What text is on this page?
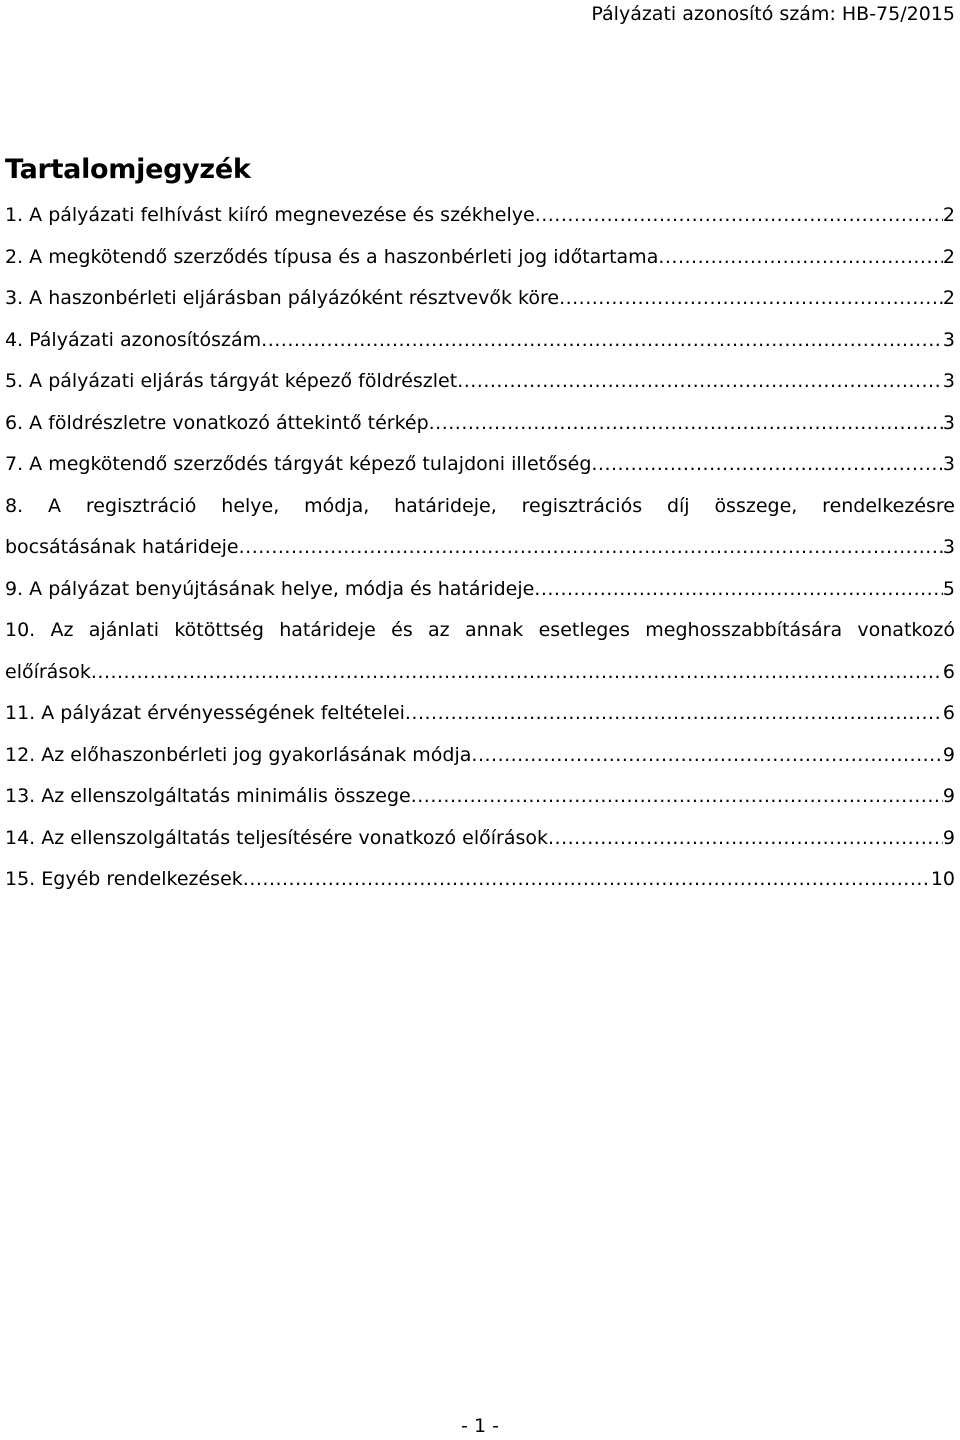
Pályázati azonosító szám: HB-75/2015
Tartalomjegyzék
1. A pályázati felhívást kiíró megnevezése és székhelye .....	2
2. A megkötendő szerződés típusa és a haszonbérleti jog időtartama .....	2
3. A haszonbérleti eljárásban pályázóként résztvevők köre .....	2
4. Pályázati azonosítószám .....	3
5. A pályázati eljárás tárgyát képező földrészlet .....	3
6. A földrészletre vonatkozó áttekintő térkép .....	3
7. A megkötendő szerződés tárgyát képező tulajdoni illetőség .....	3
8. A regisztráció helye, módja, határideje, regisztrációs díj összege, rendelkezésre
bocsátásának határideje .....	3
9. A pályázat benyújtásának helye, módja és határideje .....	5
10. Az ajánlati kötöttség határideje és az annak esetleges meghosszabbítására vonatkozó
előírások .....	6
11. A pályázat érvényességének feltételei .....	6
12. Az előhaszonbérleti jog gyakorlásának módja .....	9
13. Az ellenszolgáltatás minimális összege .....	9
14. Az ellenszolgáltatás teljesítésére vonatkozó előírások .....	9
15. Egyéb rendelkezések .....	10
- 1 -
